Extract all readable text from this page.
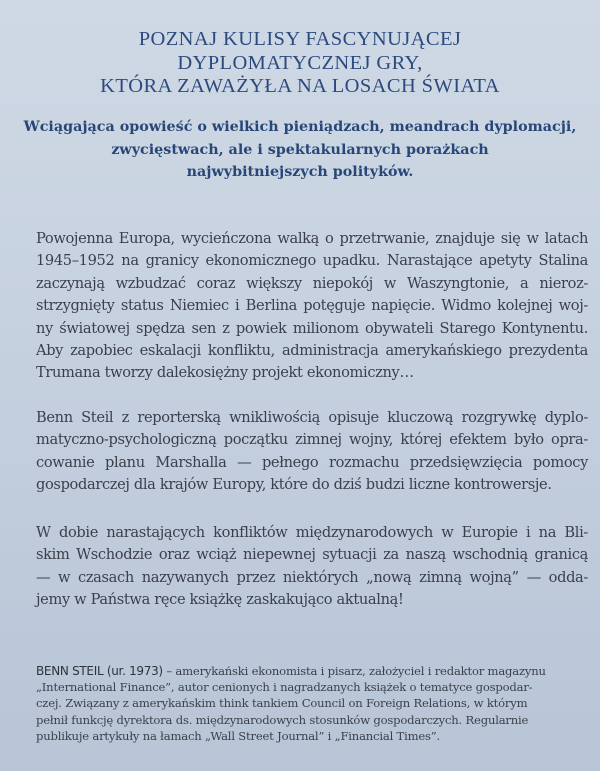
POZNAJ KULISY FASCYNUJĄCEJ
DYPLOMATYCZNEJ GRY,
KTÓRA ZAWAŻYŁA NA LOSACH ŚWIATA
Wciągająca opowieść o wielkich pieniądzach, meandrach dyplomacji,
zwycięstwach, ale i spektakularnych porażkach
najwybitniejszych polityków.
Powojenna Europa, wycieńczona walką o przetrwanie, znajduje się w latach
1945–1952 na granicy ekonomicznego upadku. Narastające apetyty Stalina
zaczynają wzbudzać coraz większy niepokój w Waszyngtonie, a nieroz-
strzygnięty status Niemiec i Berlina potęguje napięcie. Widmo kolejnej woj-
ny światowej spędza sen z powiek milionom obywateli Starego Kontynentu.
Aby zapobiec eskalacji konfliktu, administracja amerykańskiego prezydenta
Trumana tworzy dalekosiężny projekt ekonomiczny…
Benn Steil z reporterską wnikliwością opisuje kluczową rozgrywkę dyplo-
matyczno-psychologiczną początku zimnej wojny, której efektem było opra-
cowanie planu Marshalla — pełnego rozmachu przedsięwzięcia pomocy
gospodarczej dla krajów Europy, które do dziś budzi liczne kontrowersje.
W dobie narastających konfliktów międzynarodowych w Europie i na Bli-
skim Wschodzie oraz wciąż niepewnej sytuacji za naszą wschodnią granicą
— w czasach nazywanych przez niektórych „nową zimną wojną” — odda-
jemy w Państwa ręce książkę zaskakująco aktualną!
BENN STEIL (ur. 1973) – amerykański ekonomista i pisarz, założyciel i redaktor magazynu
„International Finance”, autor cenionych i nagradzanych książek o tematyce gospodar-
czej. Związany z amerykańskim think tankiem Council on Foreign Relations, w którym
pełnił funkcję dyrektora ds. międzynarodowych stosunków gospodarczych. Regularnie
publikuje artykuły na łamach „Wall Street Journal” i „Financial Times”.
